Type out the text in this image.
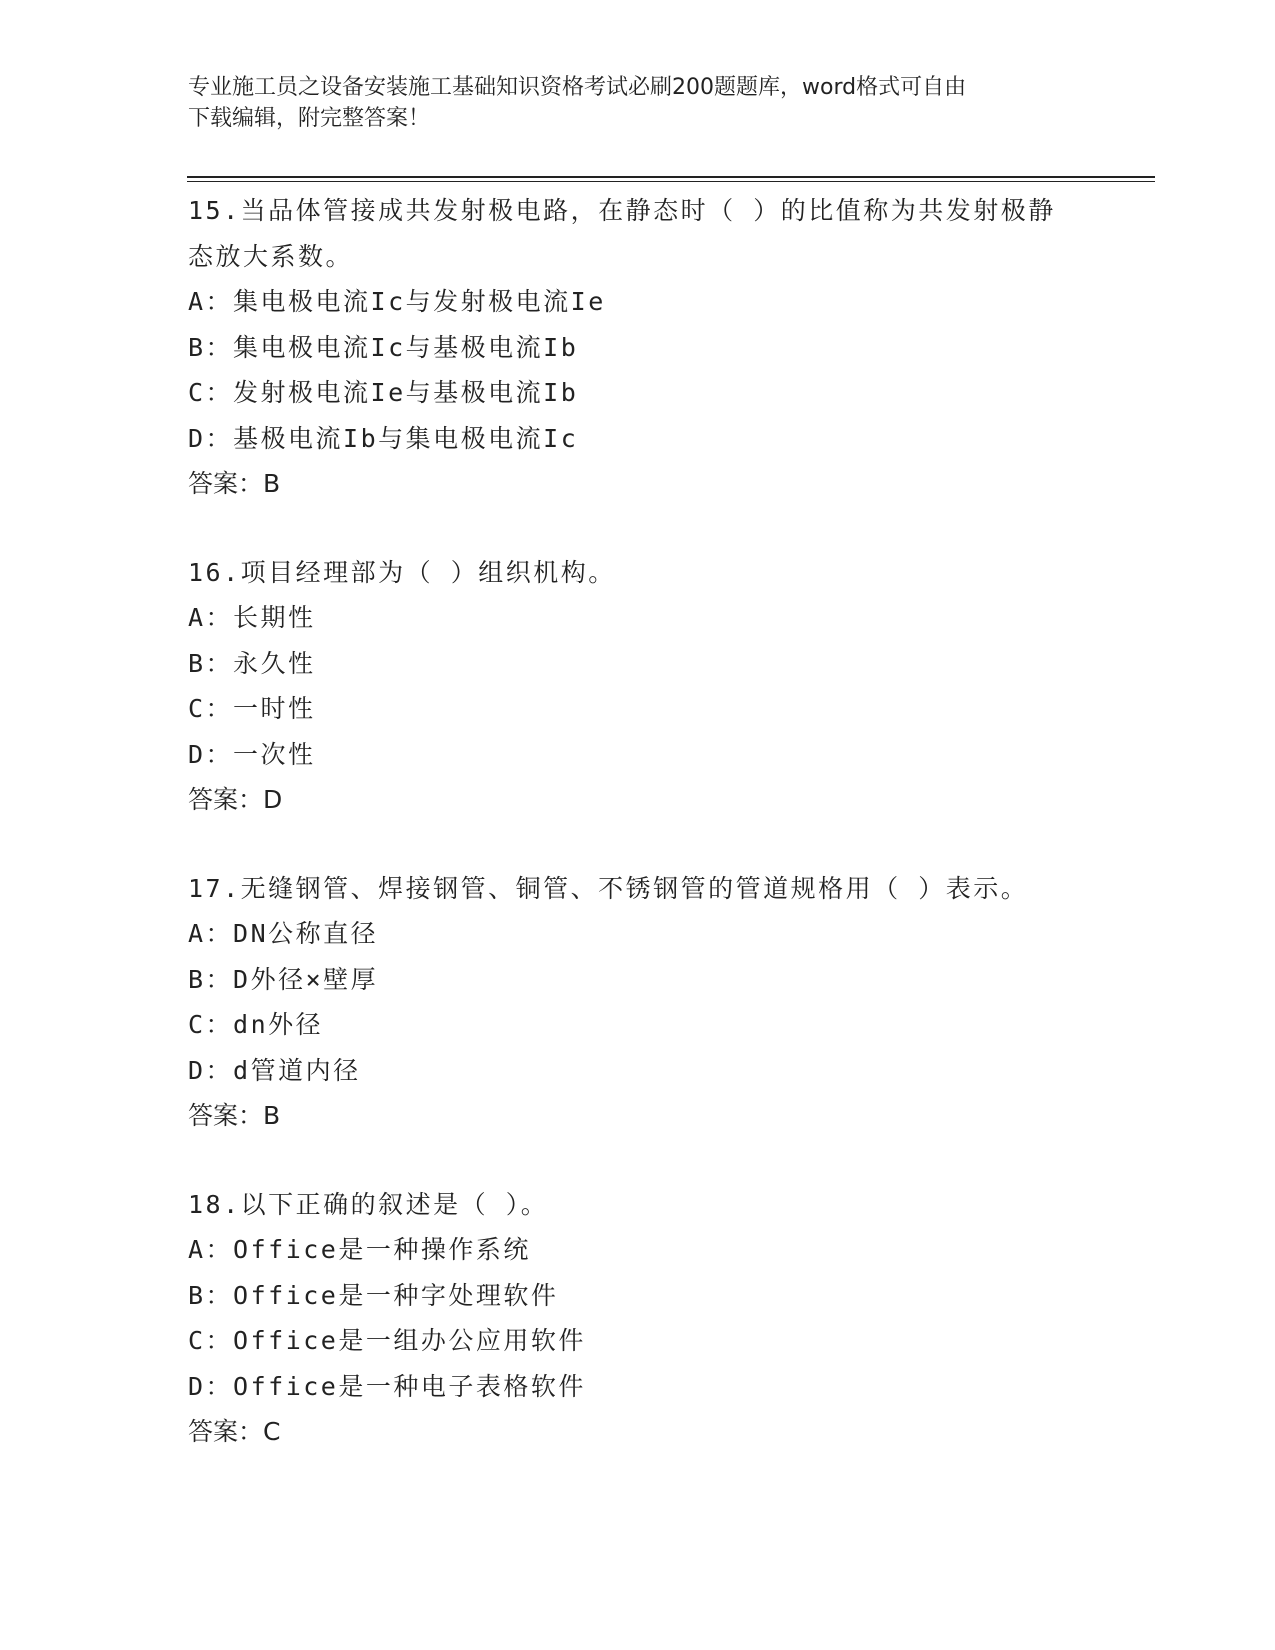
专业施工员之设备安装施工基础知识资格考试必刷200题题库，word格式可自由
下载编辑，附完整答案！
15.当品体管接成共发射极电路，在静态时（ ）的比值称为共发射极静态放大系数。
A：集电极电流Ic与发射极电流Ie
B：集电极电流Ic与基极电流Ib
C：发射极电流Ie与基极电流Ib
D：基极电流Ib与集电极电流Ic
答案：B
16.项目经理部为（ ）组织机构。
A：长期性
B：永久性
C：一时性
D：一次性
答案：D
17.无缝钢管、焊接钢管、铜管、不锈钢管的管道规格用（ ）表示。
A：DN公称直径
B：D外径×壁厚
C：dn外径
D：d管道内径
答案：B
18.以下正确的叙述是（ ）。
A：Office是一种操作系统
B：Office是一种字处理软件
C：Office是一组办公应用软件
D：Office是一种电子表格软件
答案：C
